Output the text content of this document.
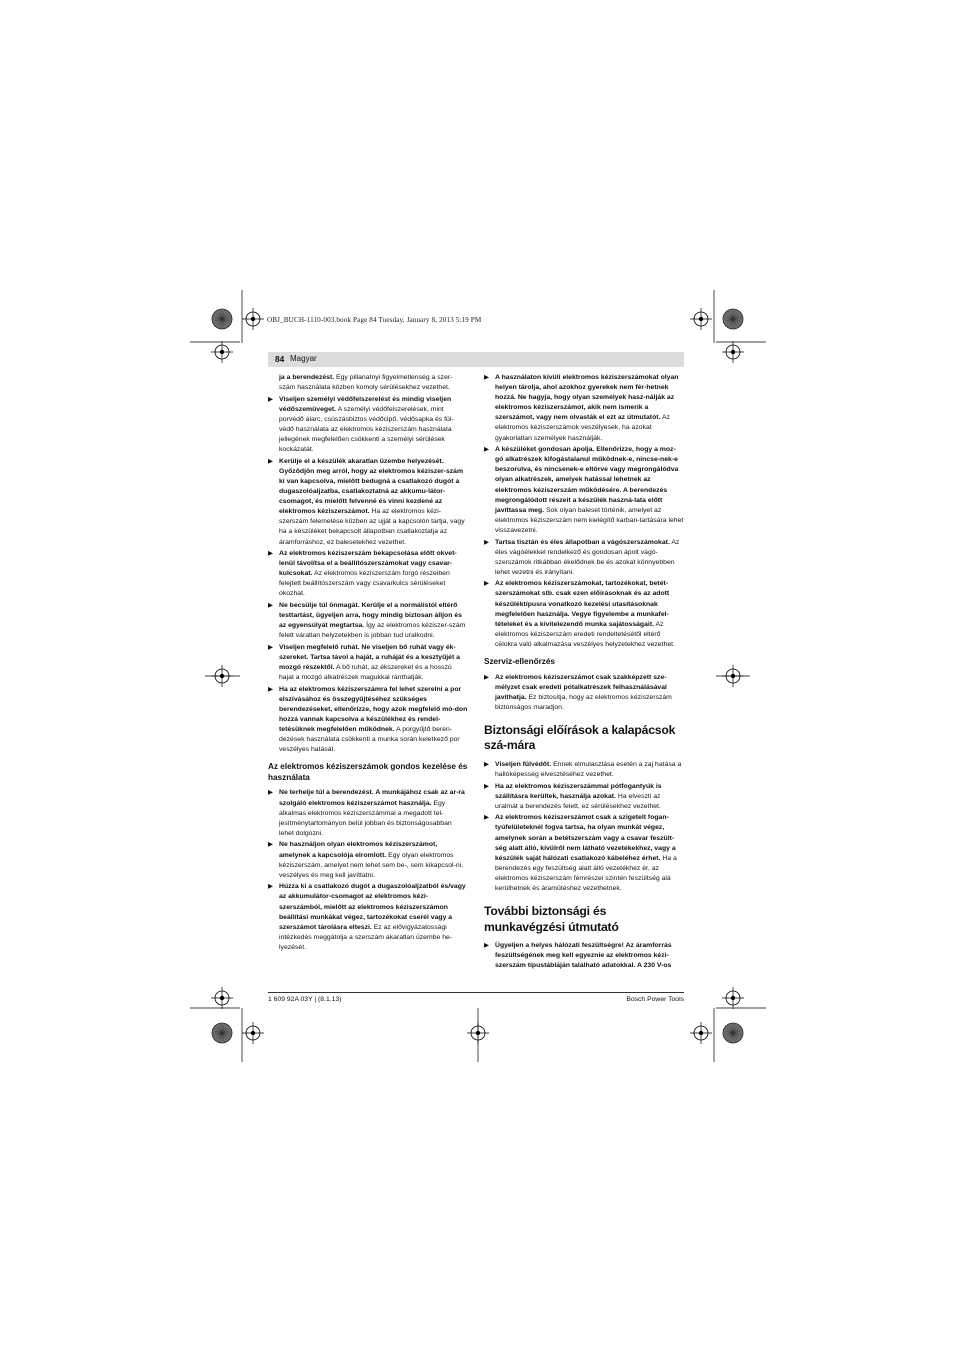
OBJ_BUCH-1110-003.book Page 84 Tuesday, January 8, 2013 5:19 PM
84 Magyar
ja a berendezést. Egy pillanatnyi figyelmetlenség a szer-szám használata közben komoly sérülésekhez vezethet.
▶ Viseljen személyi védőfelszerelést és mindig viseljen védőszemüveget. A személyi védőfelszerelések, mint porvédő álarc, csúszásbiztos védőcipő, védősapka és fül-védő használata az elektromos kéziszerszám használata jellegének megfelelően csökkenti a személyi sérülések kockázatát.
▶ Kerülje el a készülék akaratlan üzembe helyezését. Győződjön meg arról, hogy az elektromos kéziszer-szám ki van kapcsolva, mielőtt bedugná a csatlakozó dugót a dugaszolóaljzatba, csatlakoztatná az akkumu-látor-csomagot, és mielőtt felvenné és vinni kezdené az elektromos kéziszerszámot. Ha az elektromos kézi-szerszám felemelése közben az ujját a kapcsolón tartja, vagy ha a készüléket bekapcsolt állapotban csatlakoztatja az áramforráshoz, ez balesetekhez vezethet.
▶ Az elektromos kéziszerszám bekapcsolása előtt okvet-lenül távolítsa el a beállítószerszámokat vagy csavar-kulcsokat. Az elektromos kéziszerszám forgó részeiben felejtett beállítószerszám vagy csavarkulcs sérüléseket okozhat.
▶ Ne becsülje túl önmagát. Kerülje el a normálistól eltérő testtartást, ügyeljen arra, hogy mindig biztosan álljon és az egyensúlyát megtartsa. Így az elektromos kéziszer-szám felett váratlan helyzetekben is jobban tud uralkodni.
▶ Viseljen megfelelő ruhát. Ne viseljen bő ruhát vagy ék-szereket. Tartsa távol a haját, a ruháját és a kesztyűjét a mozgó részektől. A bő ruhát, az ékszereket és a hosszú hajat a mozgó alkatrészek magukkal ránthatják.
▶ Ha az elektromos kéziszerszámra fel lehet szerelni a por elszívásához és összegyűjtéséhez szükséges berendezéseket, ellenőrizze, hogy azok megfelelő mó-don hozzá vannak kapcsolva a készülékhez és rendel-tetésüknek megfelelően működnek. A porgyűjtő beren-dezések használata csökkenti a munka során keletkező por veszélyes hatását.
Az elektromos kéziszerszámok gondos kezelése és használata
▶ Ne terhelje túl a berendezést. A munkájához csak az ar-ra szolgáló elektromos kéziszerszámot használja. Egy alkalmas elektromos kéziszerszámmal a megadott tel-jesítménytartományon belül jobban és biztonságosabban lehet dolgozni.
▶ Ne használjon olyan elektromos kéziszerszámot, amelynek a kapcsolója elromlott. Egy olyan elektromos kéziszerszám, amelyet nem lehet sem be-, sem kikapcsol-ni, veszélyes és meg kell javíttatni.
▶ Húzza ki a csatlakozó dugót a dugaszolóaljzatból és/vagy az akkumulátor-csomagot az elektromos kézi-szerszámból, mielőtt az elektromos kéziszerszámon beállítási munkákat végez, tartozékokat cserél vagy a szerszámot tárolásra elteszi. Ez az elővigyázatossági intézkedés meggátolja a szerszám akaratlan üzembe he-lyezését.
▶ A használaton kívüli elektromos kéziszerszámokat olyan helyen tárolja, ahol azokhoz gyerekek nem fér-hetnek hozzá. Ne hagyja, hogy olyan személyek hasz-nálják az elektromos kéziszerszámot, akik nem ismerik a szerszámot, vagy nem olvasták el ezt az útmutatót. Az elektromos kéziszerszámok veszélyesek, ha azokat gyakorlatlan személyek használják.
▶ A készüléket gondosan ápolja. Ellenőrizze, hogy a moz-gó alkatrészek kifogástalanul működnek-e, nincse-nek-e beszorulva, és nincsenek-e eltörve vagy megrongálódva olyan alkatrészek, amelyek hatással lehetnek az elektromos kéziszerszám működésére. A berendezés megrongálódott részeit a készülék haszná-lata előtt javíttassa meg. Sok olyan baleset történik, amelyet az elektromos kéziszerszám nem kielégítő karban-tartására lehet visszavezetni.
▶ Tartsa tisztán és éles állapotban a vágószerszámokat. Az éles vágóélekkel rendelkező és gondosan ápolt vágó-szerszámok ritkábban ékelődnek be és azokat könnyebben lehet vezetni és irányítani.
▶ Az elektromos kéziszerszámokat, tartozékokat, betét-szerszámokat stb. csak ezen előírásoknak és az adott készüléktípusra vonatkozó kezelési utasításoknak megfelelően használja. Vegye figyelembe a munkafel-tételeket és a kivitelezendő munka sajátosságait. Az elektromos kéziszerszám eredeti rendeltetésétől eltérő célokra való alkalmazása veszélyes helyzetekhez vezethet.
Szerviz-ellenőrzés
▶ Az elektromos kéziszerszámot csak szakképzett sze-mélyzet csak eredeti pótalkatrészek felhasználásával javíthatja. Ez biztosítja, hogy az elektromos kéziszerszám biztonságos maradjon.
Biztonsági előírások a kalapácsok szá-mára
▶ Viseljen fülvédőt. Ennek elmulasztása esetén a zaj hatása a hallóképesség elvesztéséhez vezethet.
▶ Ha az elektromos kéziszerszámmal pótfogantyúk is szállításra kerültek, használja azokat. Ha elveszti az uralmát a berendezés felett, ez sérülésekhez vezethet.
▶ Az elektromos kéziszerszámot csak a szigetelt fogan-tyúfelületeknél fogva tartsa, ha olyan munkát végez, amelynek során a betétszerszám vagy a csavar feszült-ség alatt álló, kívülről nem látható vezetékekhez, vagy a készülék saját hálózati csatlakozó kábeléhez érhet. Ha a berendezés egy feszültség alatt álló vezetékhez ér, az elektromos kéziszerszám fémrészei szintén feszültség alá kerülhetnek és áramütéshez vezethetnek.
További biztonsági és munkavégzési útmutató
▶ Ügyeljen a helyes hálózati feszültségre! Az áramforrás feszültségének meg kell egyeznie az elektromos kézi-szerszám típustábláján található adatokkal. A 230 V-os
1 609 92A 03Y | (8.1.13)	Bosch Power Tools
